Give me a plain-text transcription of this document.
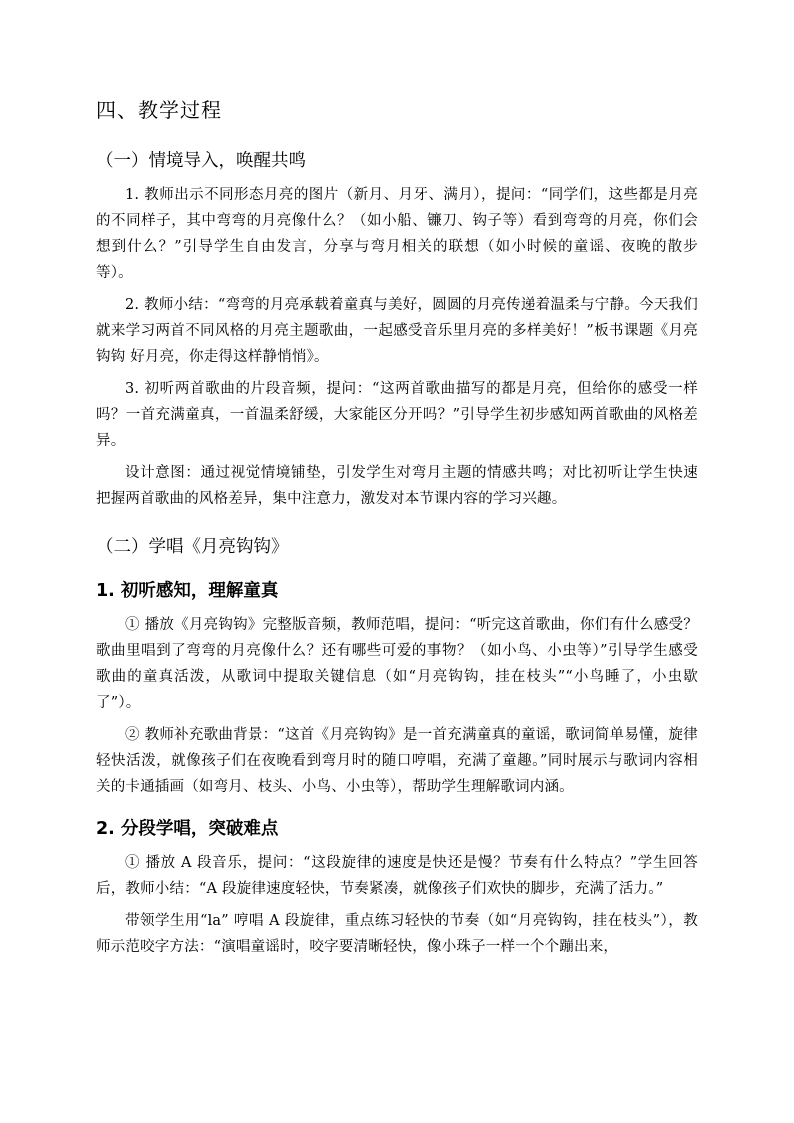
四、教学过程
（一）情境导入，唤醒共鸣

1. 教师出示不同形态月亮的图片（新月、月牙、满月），提问：“同学们，这些都是月亮的不同样子，其中弯弯的月亮像什么？（如小船、镰刀、钩子等）看到弯弯的月亮，你们会想到什么？”引导学生自由发言，分享与弯月相关的联想（如小时候的童谣、夜晚的散步等）。

2. 教师小结：“弯弯的月亮承载着童真与美好，圆圆的月亮传递着温柔与宁静。今天我们就来学习两首不同风格的月亮主题歌曲，一起感受音乐里月亮的多样美好！”板书课题《月亮钩钩 好月亮，你走得这样静悄悄》。

3. 初听两首歌曲的片段音频，提问：“这两首歌曲描写的都是月亮，但给你的感受一样吗？一首充满童真，一首温柔舒缓，大家能区分开吗？”引导学生初步感知两首歌曲的风格差异。

设计意图：通过视觉情境铺垫，引发学生对弯月主题的情感共鸣；对比初听让学生快速把握两首歌曲的风格差异，集中注意力，激发对本节课内容的学习兴趣。

（二）学唱《月亮钩钩》
1. 初听感知，理解童真

① 播放《月亮钩钩》完整版音频，教师范唱，提问：“听完这首歌曲，你们有什么感受？歌曲里唱到了弯弯的月亮像什么？还有哪些可爱的事物？（如小鸟、小虫等）”引导学生感受歌曲的童真活泼，从歌词中提取关键信息（如“月亮钩钩，挂在枝头”“小鸟睡了，小虫歇了”）。

② 教师补充歌曲背景：“这首《月亮钩钩》是一首充满童真的童谣，歌词简单易懂，旋律轻快活泼，就像孩子们在夜晚看到弯月时的随口哼唱，充满了童趣。”同时展示与歌词内容相关的卡通插画（如弯月、枝头、小鸟、小虫等），帮助学生理解歌词内涵。

2. 分段学唱，突破难点

① 播放 A 段音乐，提问：“这段旋律的速度是快还是慢？节奏有什么特点？”学生回答后，教师小结：“A 段旋律速度轻快，节奏紧凑，就像孩子们欢快的脚步，充满了活力。”

带领学生用“la” 哼唱 A 段旋律，重点练习轻快的节奏（如“月亮钩钩，挂在枝头”），教师示范咬字方法：“演唱童谣时，咬字要清晰轻快，像小珠子一样一个个蹦出来，
